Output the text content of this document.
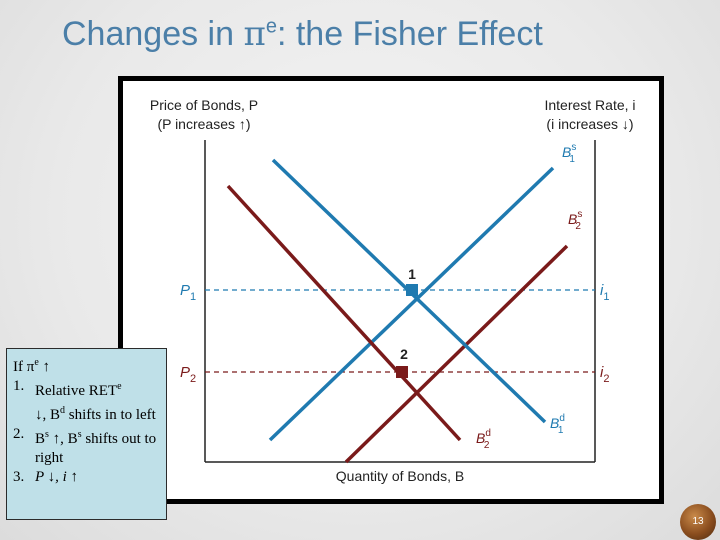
Changes in $\pi^e$: the Fisher Effect
Price of Bonds, P
(P increases ↑)
Interest Rate, i
(i increases ↓)
Quantity of Bonds, B
1
2
$P_1$
$P_2$
$i_1$
$i_2$
$B^s$ 1
$B^s$ 2
$B^d$ 1
$B^d$ 2
If $\pi^e$ ↑
1. Relative RET$^e$
↓, $B^d$ shifts in to left
2. $B^s$ ↑, $B^s$ shifts out to right
3. P ↓, i ↑
13
